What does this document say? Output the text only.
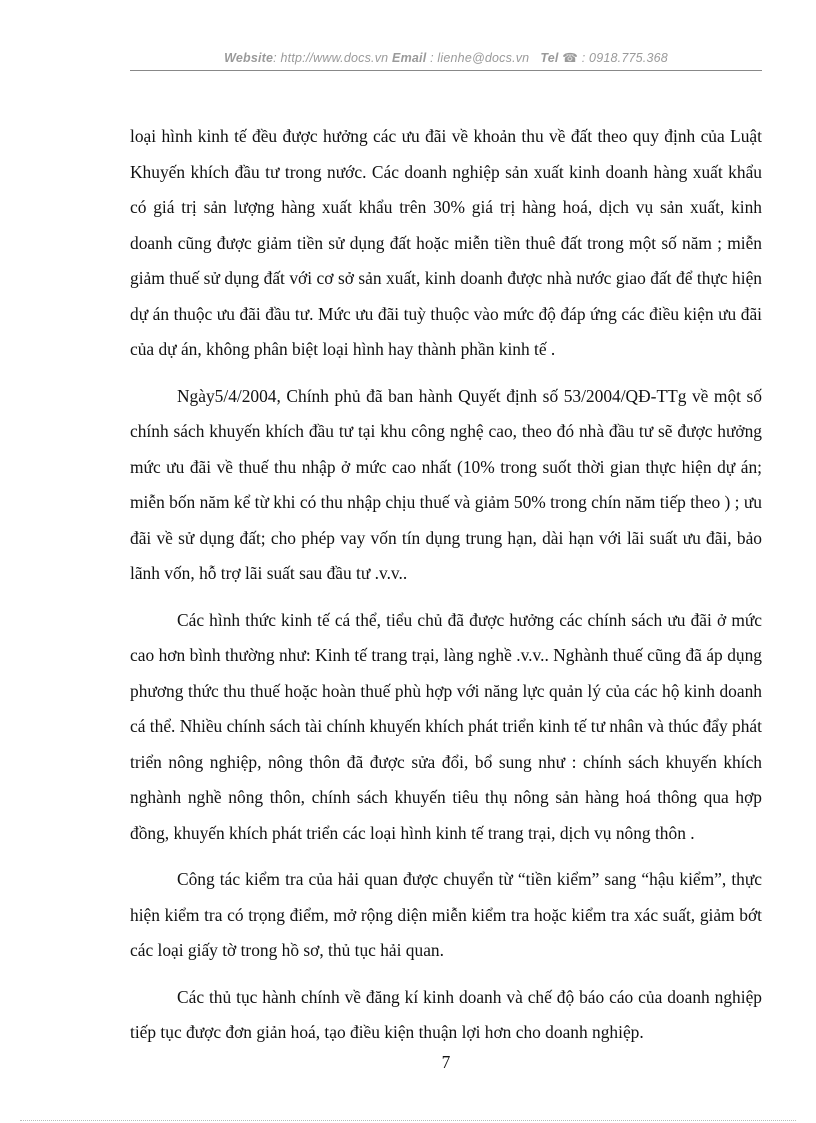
Website: http://www.docs.vn Email : lienhe@docs.vn Tel ☎ : 0918.775.368

loại hình kinh tế đều được hưởng các ưu đãi về khoản thu về đất theo quy định của Luật Khuyến khích đầu tư trong nước. Các doanh nghiệp sản xuất kinh doanh hàng xuất khẩu có giá trị sản lượng hàng xuất khẩu trên 30% giá trị hàng hoá, dịch vụ sản xuất, kinh doanh cũng được giảm tiền sử dụng đất hoặc miễn tiền thuê đất trong một số năm ; miễn giảm thuế sử dụng đất với cơ sở sản xuất, kinh doanh được nhà nước giao đất để thực hiện dự án thuộc ưu đãi đầu tư. Mức ưu đãi tuỳ thuộc vào mức độ đáp ứng các điều kiện ưu đãi của dự án, không phân biệt loại hình hay thành phần kinh tế .

Ngày5/4/2004, Chính phủ đã ban hành Quyết định số 53/2004/QĐ-TTg về một số chính sách khuyến khích đầu tư tại khu công nghệ cao, theo đó nhà đầu tư sẽ được hưởng mức ưu đãi về thuế thu nhập ở mức cao nhất (10% trong suốt thời gian thực hiện dự án; miễn bốn năm kể từ khi có thu nhập chịu thuế và giảm 50% trong chín năm tiếp theo ) ; ưu đãi về sử dụng đất; cho phép vay vốn tín dụng trung hạn, dài hạn với lãi suất ưu đãi, bảo lãnh vốn, hỗ trợ lãi suất sau đầu tư .v.v..

Các hình thức kinh tế cá thể, tiểu chủ đã được hưởng các chính sách ưu đãi ở mức cao hơn bình thường như: Kinh tế trang trại, làng nghề .v.v.. Nghành thuế cũng đã áp dụng phương thức thu thuế hoặc hoàn thuế phù hợp với năng lực quản lý của các hộ kinh doanh cá thể. Nhiều chính sách tài chính khuyến khích phát triển kinh tế tư nhân và thúc đẩy phát triển nông nghiệp, nông thôn đã được sửa đổi, bổ sung như : chính sách khuyến khích nghành nghề nông thôn, chính sách khuyến tiêu thụ nông sản hàng hoá thông qua hợp đồng, khuyến khích phát triển các loại hình kinh tế trang trại, dịch vụ nông thôn .

Công tác kiểm tra của hải quan được chuyển từ “tiền kiểm” sang “hậu kiểm”, thực hiện kiểm tra có trọng điểm, mở rộng diện miễn kiểm tra hoặc kiểm tra xác suất, giảm bớt các loại giấy tờ trong hồ sơ, thủ tục hải quan.

Các thủ tục hành chính về đăng kí kinh doanh và chế độ báo cáo của doanh nghiệp tiếp tục được đơn giản hoá, tạo điều kiện thuận lợi hơn cho doanh nghiệp.

7
